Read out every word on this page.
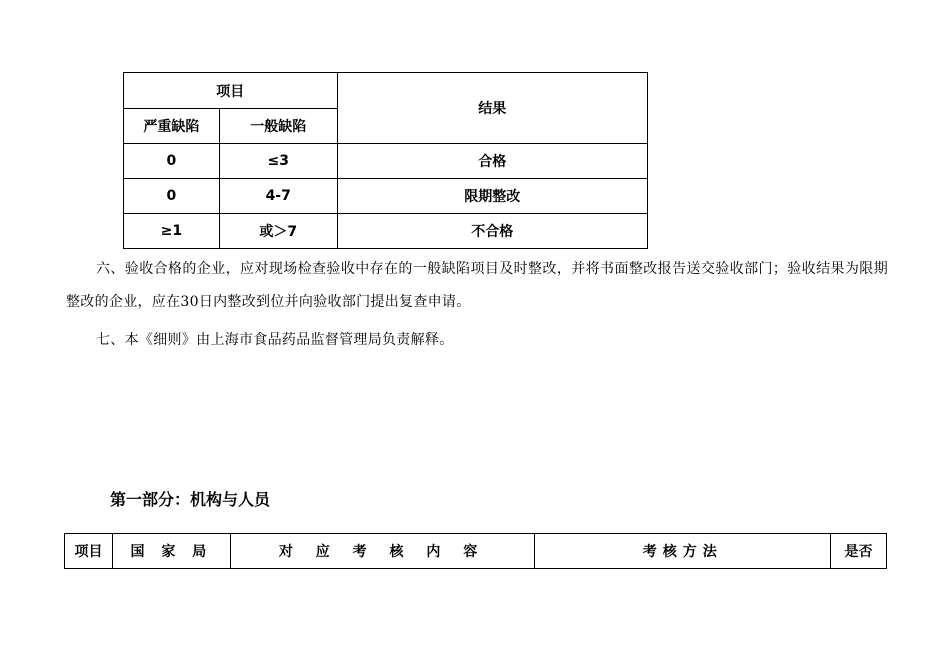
项目		结果
严重缺陷	一般缺陷	
0	≤3	合格
0	4-7	限期整改
≥1	或＞7	不合格

六、验收合格的企业，应对现场检查验收中存在的一般缺陷项目及时整改，并将书面整改报告送交验收部门；验收结果为限期整改的企业，应在30日内整改到位并向验收部门提出复查申请。

七、本《细则》由上海市食品药品监督管理局负责解释。

第一部分：机构与人员
项目	国 家 局	对 应 考 核 内 容	考核方法	是否
